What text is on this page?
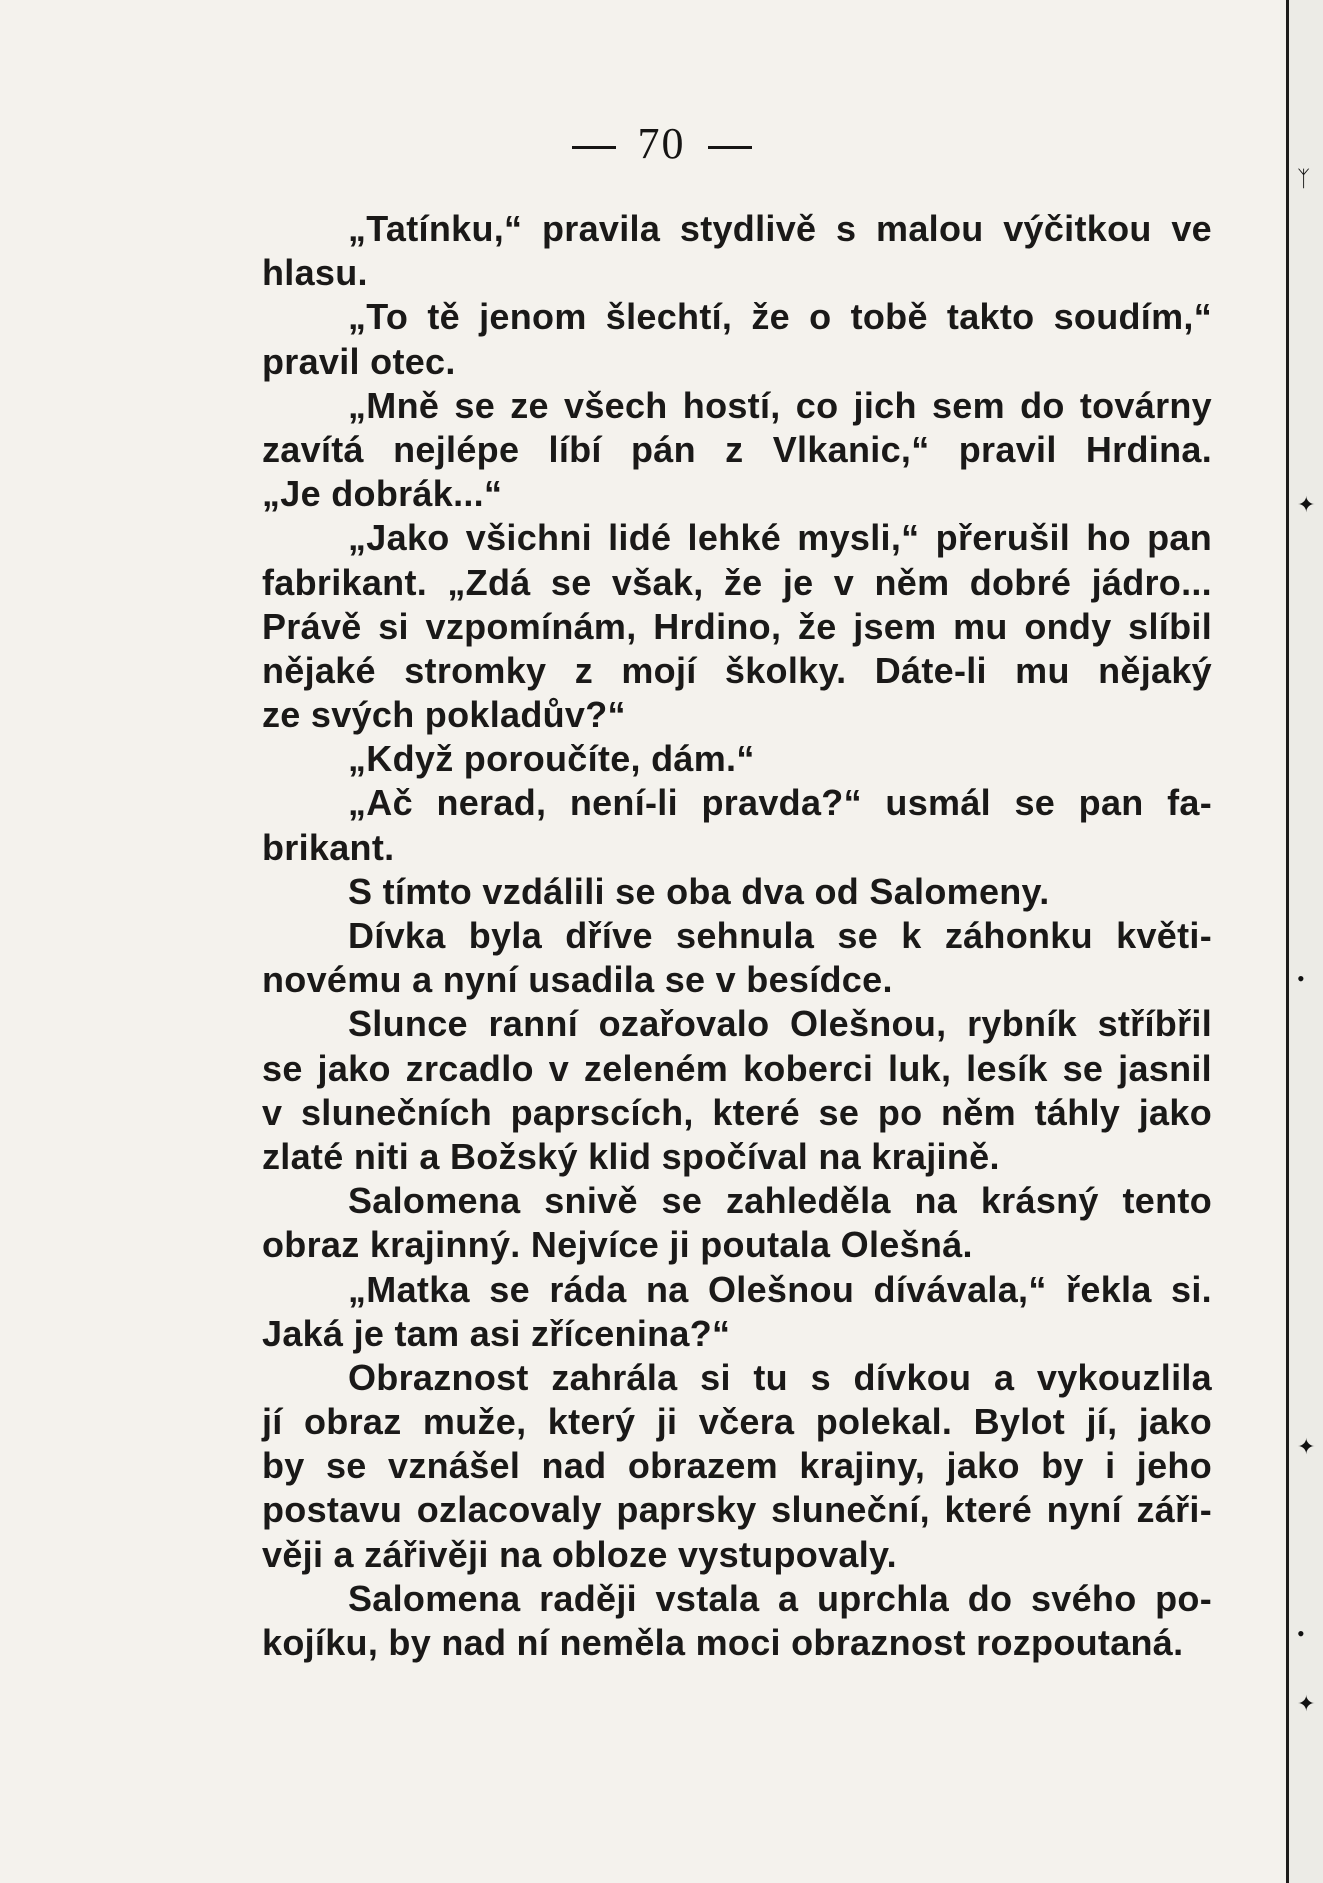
70
„Tatínku,“ pravila stydlivě s malou výčitkou ve
hlasu.
„To tě jenom šlechtí, že o tobě takto soudím,“
pravil otec.
„Mně se ze všech hostí, co jich sem do továrny
zavítá nejlépe líbí pán z Vlkanic,“ pravil Hrdina.
„Je dobrák...“
„Jako všichni lidé lehké mysli,“ přerušil ho pan
fabrikant. „Zdá se však, že je v něm dobré jádro...
Právě si vzpomínám, Hrdino, že jsem mu ondy slíbil
nějaké stromky z mojí školky. Dáte-li mu nějaký
ze svých pokladův?“
„Když poroučíte, dám.“
„Ač nerad, není-li pravda?“ usmál se pan fa-
brikant.
S tímto vzdálili se oba dva od Salomeny.
Dívka byla dříve sehnula se k záhonku květi-
novému a nyní usadila se v besídce.
Slunce ranní ozařovalo Olešnou, rybník stříbřil
se jako zrcadlo v zeleném koberci luk, lesík se jasnil
v slunečních paprscích, které se po něm táhly jako
zlaté niti a Božský klid spočíval na krajině.
Salomena snivě se zahleděla na krásný tento
obraz krajinný. Nejvíce ji poutala Olešná.
„Matka se ráda na Olešnou dívávala,“ řekla si.
Jaká je tam asi zřícenina?“
Obraznost zahrála si tu s dívkou a vykouzlila
jí obraz muže, který ji včera polekal. Bylot jí, jako
by se vznášel nad obrazem krajiny, jako by i jeho
postavu ozlacovaly paprsky sluneční, které nyní záři-
věji a zářivěji na obloze vystupovaly.
Salomena raději vstala a uprchla do svého po-
kojíku, by nad ní neměla moci obraznost rozpoutaná.
ᛉ
✦
•
✦
•
✦
